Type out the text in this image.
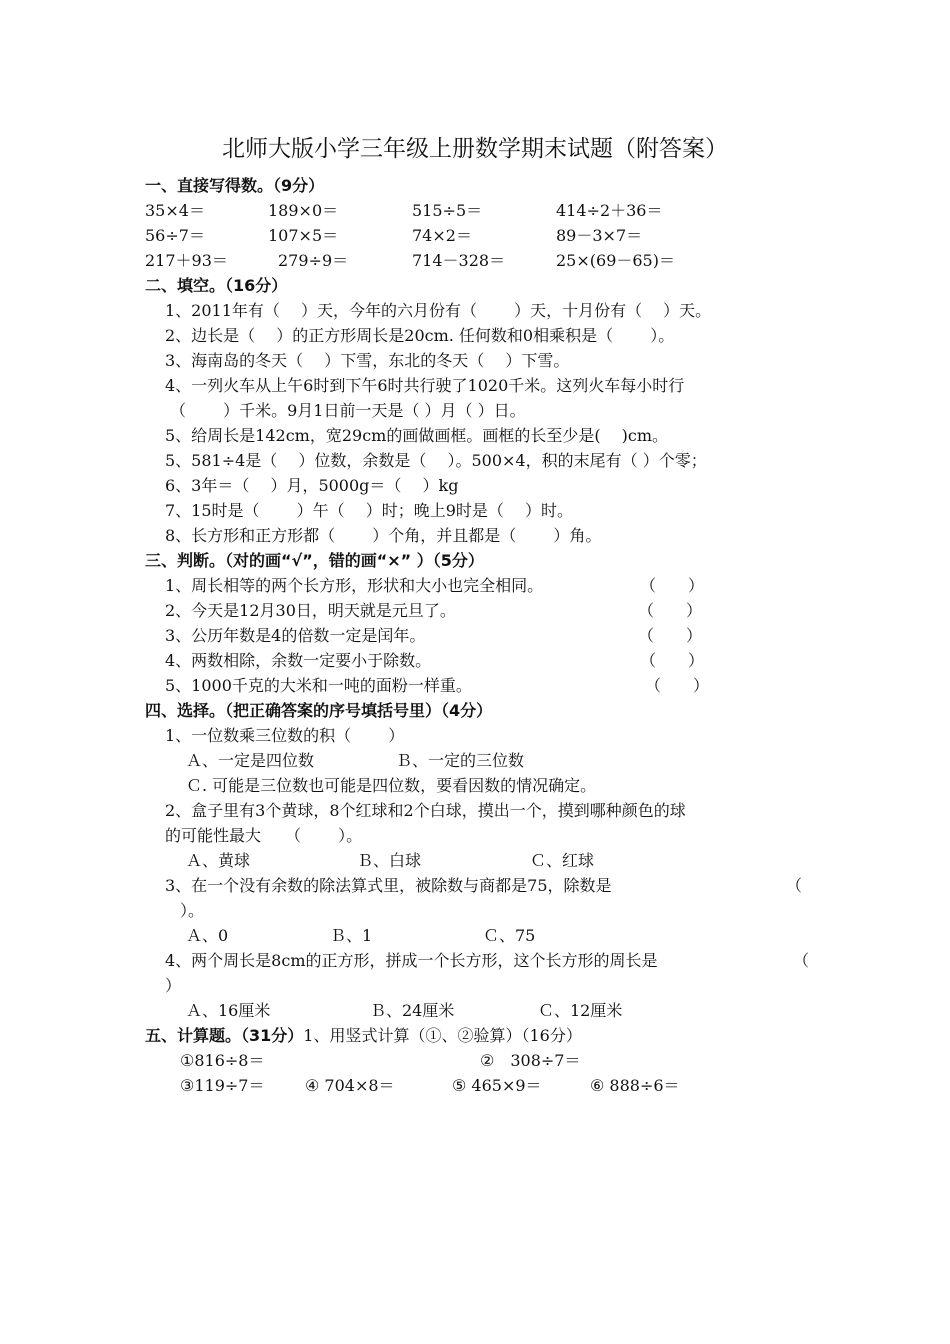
北师大版小学三年级上册数学期末试题（附答案）
一、直接写得数。（9分）
35×4＝	189×0＝	515÷5＝	414÷2＋36＝
56÷7＝	107×5＝	74×2＝	89－3×7＝
217＋93＝	279÷9＝	714－328＝	25×(69－65)＝
二、填空。（16分）
1、2011年有（　 ）天，今年的六月份有（　　 ）天，十月份有（　 ）天。
2、边长是（　 ）的正方形周长是20cm. 任何数和0相乘积是（　　 ）。
3、海南岛的冬天（　 ）下雪，东北的冬天（　 ）下雪。
4、一列火车从上午6时到下午6时共行驶了1020千米。这列火车每小时行
（　　 ）千米。9月1日前一天是（ ）月（ ）日。
5、给周长是142cm，宽29cm的画做画框。画框的长至少是(　 )cm。
5、581÷4是（　 ）位数，余数是（　 ）。500×4，积的末尾有（ ）个零；
6、3年＝（　 ）月，5000g＝（　 ）kg
7、15时是（　　 ）午（　 ）时；晚上9时是（　 ）时。
8、长方形和正方形都（　　 ）个角，并且都是（　　 ）角。
三、判断。（对的画“√”，错的画“×” ）（5分）
1、周长相等的两个长方形，形状和大小也完全相同。	（　　）
2、今天是12月30日，明天就是元旦了。	（　　）
3、公历年数是4的倍数一定是闰年。	（　　）
4、两数相除，余数一定要小于除数。	（　　）
5、1000千克的大米和一吨的面粉一样重。	（　　）
四、选择。（把正确答案的序号填括号里）（4分）
1、一位数乘三位数的积（　　 ）
Ａ、一定是四位数	Ｂ、一定的三位数
Ｃ. 可能是三位数也可能是四位数，要看因数的情况确定。
2、盒子里有3个黄球，8个红球和2个白球，摸出一个，摸到哪种颜色的球
的可能性最大　　（　　 ）。
Ａ、黄球	Ｂ、白球	Ｃ、红球
3、在一个没有余数的除法算式里，被除数与商都是75，除数是	（
）。
Ａ、0	Ｂ、1	Ｃ、75
4、两个周长是8cm的正方形，拼成一个长方形，这个长方形的周长是	（
）
Ａ、16厘米	Ｂ、24厘米	Ｃ、12厘米
五、计算题。（31分）1、用竖式计算（①、②验算）（16分）
①816÷8＝	②　308÷7＝
③119÷7＝	④ 704×8＝	⑤ 465×9＝	⑥ 888÷6＝
